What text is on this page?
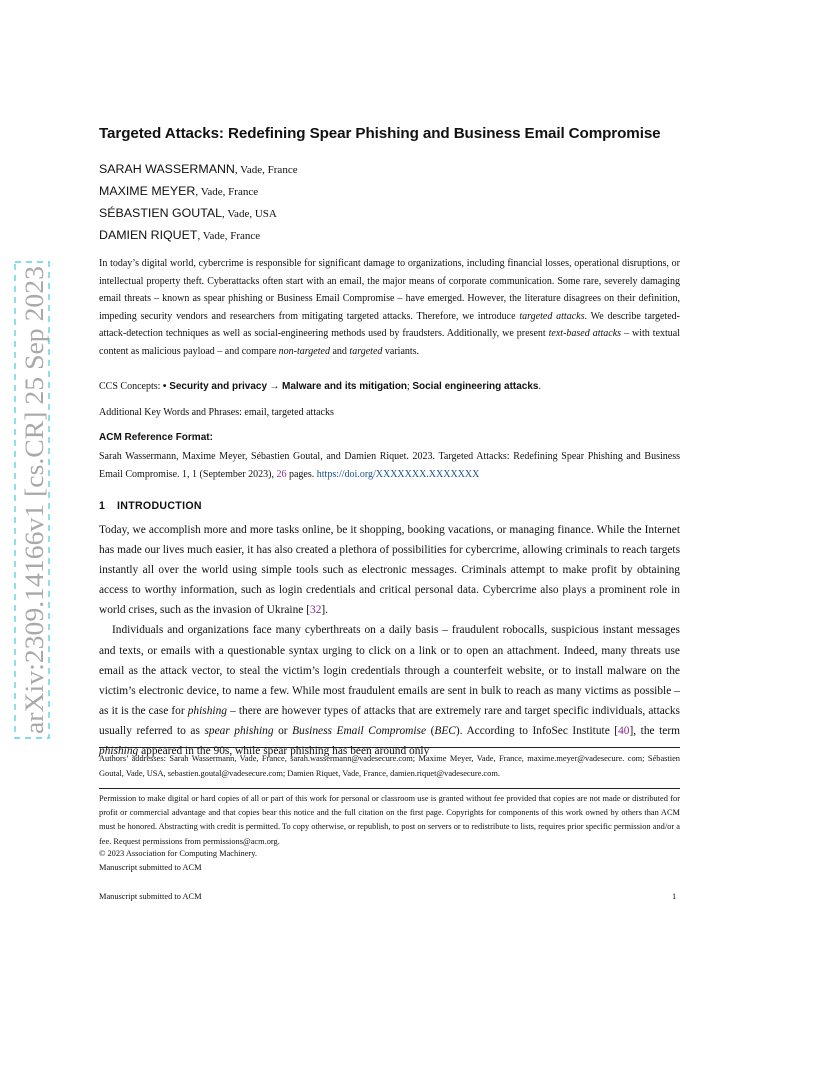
arXiv:2309.14166v1 [cs.CR] 25 Sep 2023
Targeted Attacks: Redefining Spear Phishing and Business Email Compromise
SARAH WASSERMANN, Vade, France
MAXIME MEYER, Vade, France
SÉBASTIEN GOUTAL, Vade, USA
DAMIEN RIQUET, Vade, France
In today’s digital world, cybercrime is responsible for significant damage to organizations, including financial losses, operational disruptions, or intellectual property theft. Cyberattacks often start with an email, the major means of corporate communication. Some rare, severely damaging email threats – known as spear phishing or Business Email Compromise – have emerged. However, the literature disagrees on their definition, impeding security vendors and researchers from mitigating targeted attacks. Therefore, we introduce targeted attacks. We describe targeted-attack-detection techniques as well as social-engineering methods used by fraudsters. Additionally, we present text-based attacks – with textual content as malicious payload – and compare non-targeted and targeted variants.
CCS Concepts: • Security and privacy → Malware and its mitigation; Social engineering attacks.
Additional Key Words and Phrases: email, targeted attacks
ACM Reference Format:
Sarah Wassermann, Maxime Meyer, Sébastien Goutal, and Damien Riquet. 2023. Targeted Attacks: Redefining Spear Phishing and Business Email Compromise. 1, 1 (September 2023), 26 pages. https://doi.org/XXXXXXX.XXXXXXX
1 INTRODUCTION

Today, we accomplish more and more tasks online, be it shopping, booking vacations, or managing finance. While the Internet has made our lives much easier, it has also created a plethora of possibilities for cybercrime, allowing criminals to reach targets instantly all over the world using simple tools such as electronic messages. Criminals attempt to make profit by obtaining access to worthy information, such as login credentials and critical personal data. Cybercrime also plays a prominent role in world crises, such as the invasion of Ukraine [32].

Individuals and organizations face many cyberthreats on a daily basis – fraudulent robocalls, suspicious instant messages and texts, or emails with a questionable syntax urging to click on a link or to open an attachment. Indeed, many threats use email as the attack vector, to steal the victim’s login credentials through a counterfeit website, or to install malware on the victim’s electronic device, to name a few. While most fraudulent emails are sent in bulk to reach as many victims as possible – as it is the case for phishing – there are however types of attacks that are extremely rare and target specific individuals, attacks usually referred to as spear phishing or Business Email Compromise (BEC). According to InfoSec Institute [40], the term phishing appeared in the 90s, while spear phishing has been around only

Authors’ addresses: Sarah Wassermann, Vade, France, sarah.wassermann@vadesecure.com; Maxime Meyer, Vade, France, maxime.meyer@vadesecure. com; Sébastien Goutal, Vade, USA, sebastien.goutal@vadesecure.com; Damien Riquet, Vade, France, damien.riquet@vadesecure.com.
Permission to make digital or hard copies of all or part of this work for personal or classroom use is granted without fee provided that copies are not made or distributed for profit or commercial advantage and that copies bear this notice and the full citation on the first page. Copyrights for components of this work owned by others than ACM must be honored. Abstracting with credit is permitted. To copy otherwise, or republish, to post on servers or to redistribute to lists, requires prior specific permission and/or a fee. Request permissions from permissions@acm.org.
© 2023 Association for Computing Machinery.
Manuscript submitted to ACM
Manuscript submitted to ACM	1
